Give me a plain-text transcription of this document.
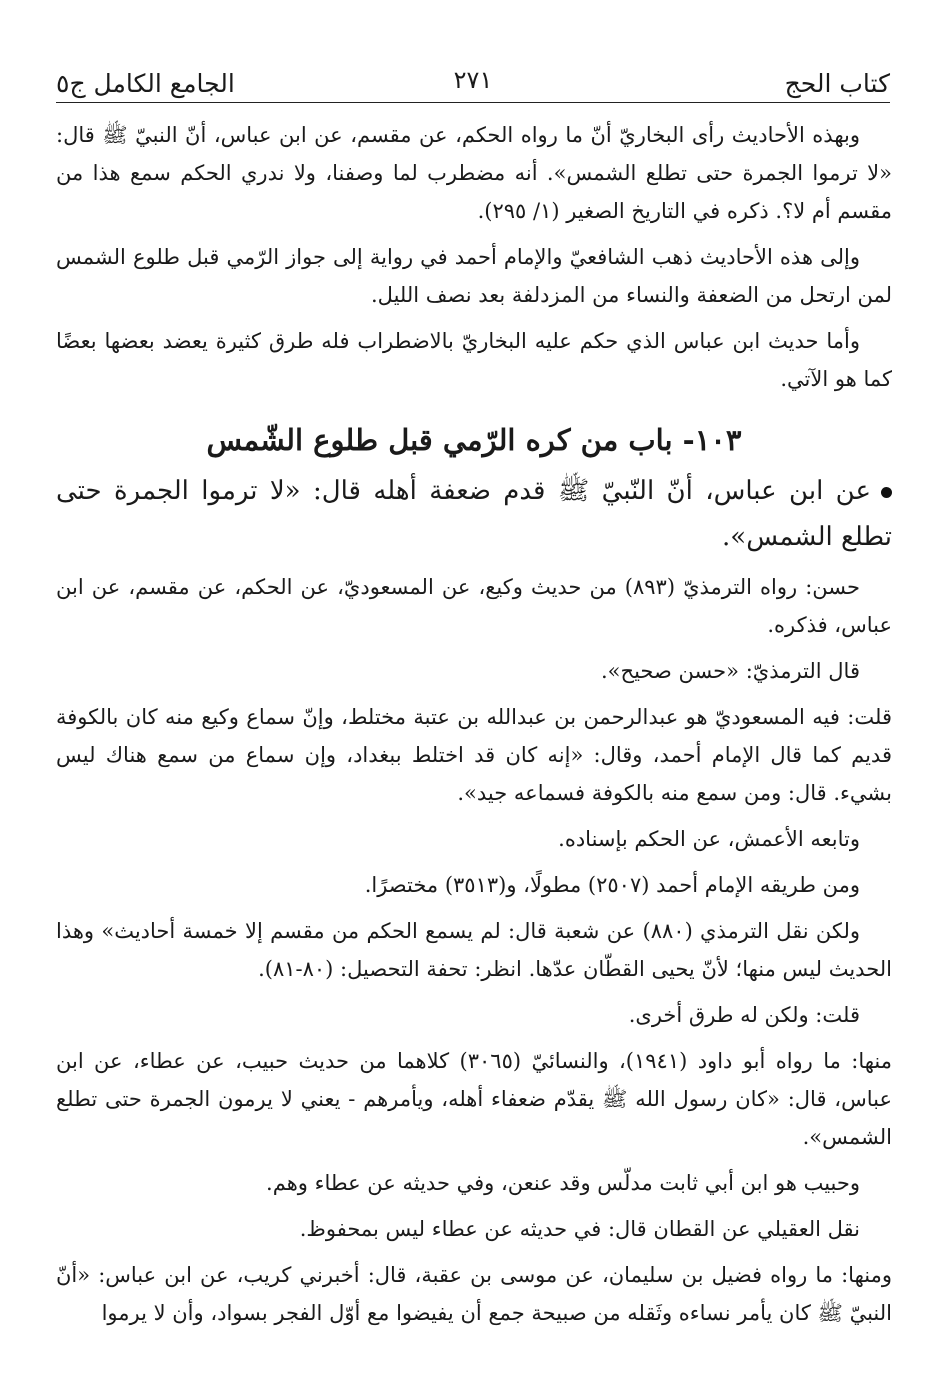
كتاب الحج
٢٧١
الجامع الكامل ج٥

وبهذه الأحاديث رأى البخاريّ أنّ ما رواه الحكم، عن مقسم، عن ابن عباس، أنّ النبيّ ﷺ قال: «لا ترموا الجمرة حتى تطلع الشمس». أنه مضطرب لما وصفنا، ولا ندري الحكم سمع هذا من مقسم أم لا؟. ذكره في التاريخ الصغير (١/ ٢٩٥).

وإلى هذه الأحاديث ذهب الشافعيّ والإمام أحمد في رواية إلى جواز الرّمي قبل طلوع الشمس لمن ارتحل من الضعفة والنساء من المزدلفة بعد نصف الليل.

وأما حديث ابن عباس الذي حكم عليه البخاريّ بالاضطراب فله طرق كثيرة يعضد بعضها بعضًا كما هو الآتي.

١٠٣- باب من كره الرّمي قبل طلوع الشّمس

عن ابن عباس، أنّ النّبيّ ﷺ قدم ضعفة أهله قال: «لا ترموا الجمرة حتى تطلع الشمس».

حسن: رواه الترمذيّ (٨٩٣) من حديث وكيع، عن المسعوديّ، عن الحكم، عن مقسم، عن ابن عباس، فذكره.

قال الترمذيّ: «حسن صحيح».

قلت: فيه المسعوديّ هو عبدالرحمن بن عبدالله بن عتبة مختلط، وإنّ سماع وكيع منه كان بالكوفة قديم كما قال الإمام أحمد، وقال: «إنه كان قد اختلط ببغداد، وإن سماع من سمع هناك ليس بشيء. قال: ومن سمع منه بالكوفة فسماعه جيد».

وتابعه الأعمش، عن الحكم بإسناده.

ومن طريقه الإمام أحمد (٢٥٠٧) مطولًا، و(٣٥١٣) مختصرًا.

ولكن نقل الترمذي (٨٨٠) عن شعبة قال: لم يسمع الحكم من مقسم إلا خمسة أحاديث» وهذا الحديث ليس منها؛ لأنّ يحيى القطّان عدّها. انظر: تحفة التحصيل: (٨٠-٨١).

قلت: ولكن له طرق أخرى.

منها: ما رواه أبو داود (١٩٤١)، والنسائيّ (٣٠٦٥) كلاهما من حديث حبيب، عن عطاء، عن ابن عباس، قال: «كان رسول الله ﷺ يقدّم ضعفاء أهله، ويأمرهم - يعني لا يرمون الجمرة حتى تطلع الشمس».

وحبيب هو ابن أبي ثابت مدلّس وقد عنعن، وفي حديثه عن عطاء وهم.

نقل العقيلي عن القطان قال: في حديثه عن عطاء ليس بمحفوظ.

ومنها: ما رواه فضيل بن سليمان، عن موسى بن عقبة، قال: أخبرني كريب، عن ابن عباس: «أنّ النبيّ ﷺ كان يأمر نساءه وثَقله من صبيحة جمع أن يفيضوا مع أوّل الفجر بسواد، وأن لا يرموا
